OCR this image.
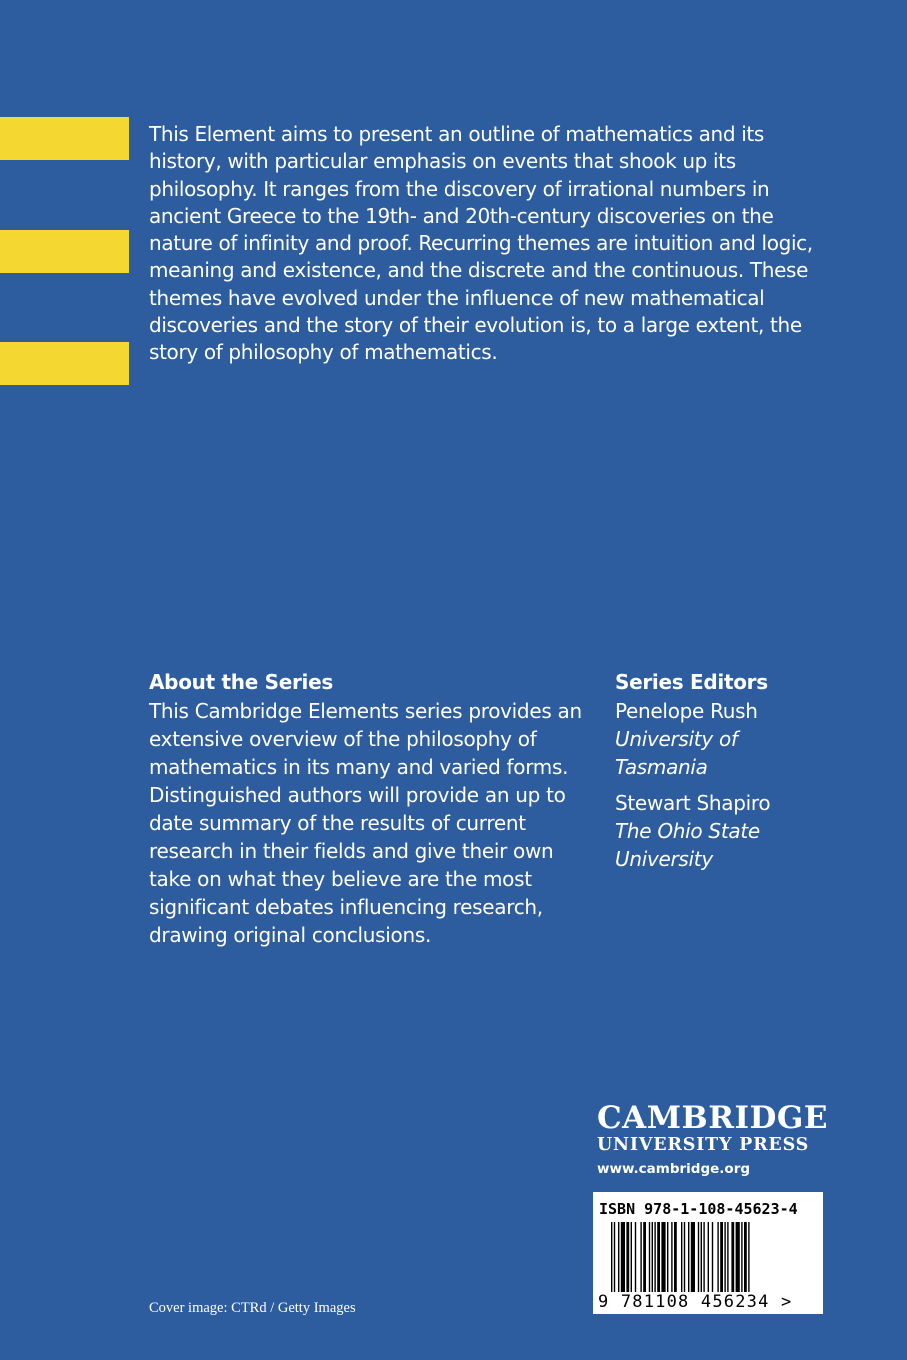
This Element aims to present an outline of mathematics and its history, with particular emphasis on events that shook up its philosophy. It ranges from the discovery of irrational numbers in ancient Greece to the 19th- and 20th-century discoveries on the nature of infinity and proof. Recurring themes are intuition and logic, meaning and existence, and the discrete and the continuous. These themes have evolved under the influence of new mathematical discoveries and the story of their evolution is, to a large extent, the story of philosophy of mathematics.

About the Series

This Cambridge Elements series provides an extensive overview of the philosophy of mathematics in its many and varied forms. Distinguished authors will provide an up to date summary of the results of current research in their fields and give their own take on what they believe are the most significant debates influencing research, drawing original conclusions.

Series Editors
Penelope Rush
University of Tasmania
Stewart Shapiro
The Ohio State University
CAMBRIDGE
UNIVERSITY PRESS
www.cambridge.org
ISBN 978-1-108-45623-4
9 781108 456234 >
Cover image: CTRd / Getty Images
